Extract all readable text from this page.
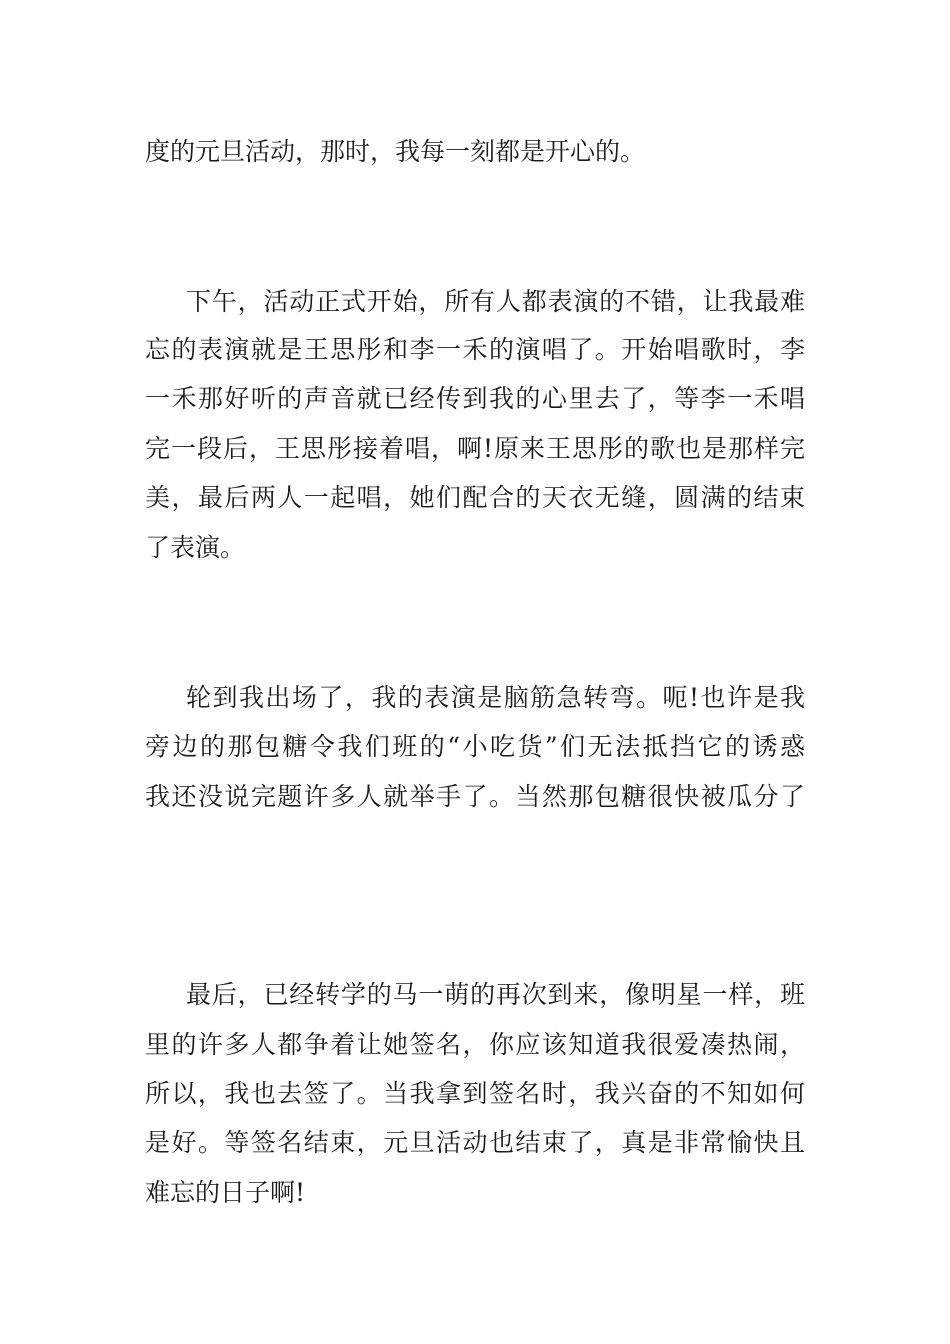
度的元旦活动，那时，我每一刻都是开心的。
下午，活动正式开始，所有人都表演的不错，让我最难
忘的表演就是王思彤和李一禾的演唱了。开始唱歌时，李
一禾那好听的声音就已经传到我的心里去了，等李一禾唱
完一段后，王思彤接着唱，啊!原来王思彤的歌也是那样完
美，最后两人一起唱，她们配合的天衣无缝，圆满的结束
了表演。
轮到我出场了，我的表演是脑筋急转弯。呃!也许是我
旁边的那包糖令我们班的“小吃货”们无法抵挡它的诱惑
我还没说完题许多人就举手了。当然那包糖很快被瓜分了
最后，已经转学的马一萌的再次到来，像明星一样，班
里的许多人都争着让她签名，你应该知道我很爱凑热闹，
所以，我也去签了。当我拿到签名时，我兴奋的不知如何
是好。等签名结束，元旦活动也结束了，真是非常愉快且
难忘的日子啊!
